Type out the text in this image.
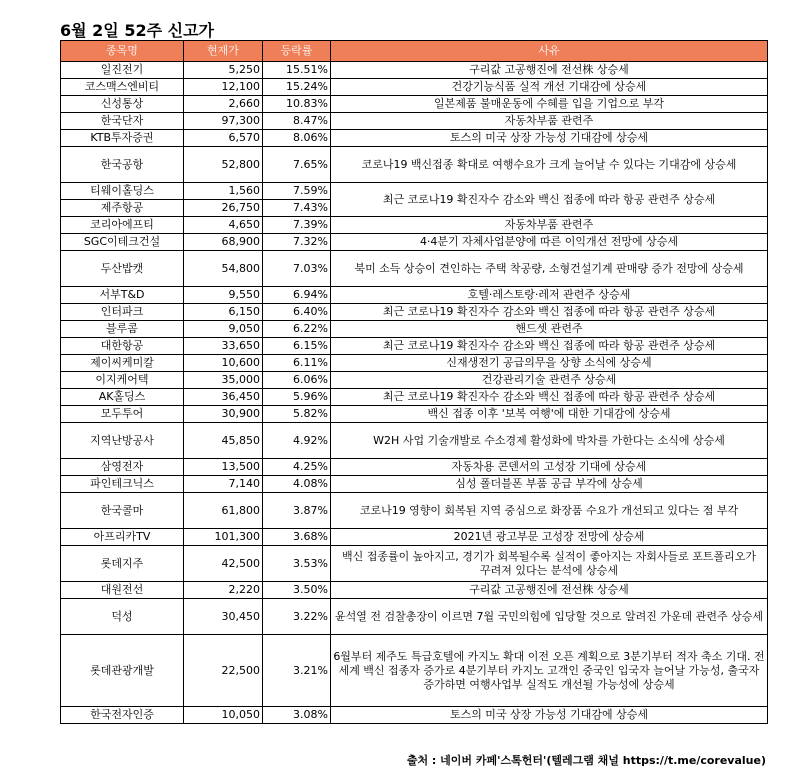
6월 2일 52주 신고가
종목명	현재가	등락률	사유
일진전기	5,250	15.51%	구리값 고공행진에 전선株 상승세
코스맥스엔비티	12,100	15.24%	건강기능식품 실적 개선 기대감에 상승세
신성통상	2,660	10.83%	일본제품 불매운동에 수혜를 입을 기업으로 부각
한국단자	97,300	8.47%	자동차부품 관련주
KTB투자증권	6,570	8.06%	토스의 미국 상장 가능성 기대감에 상승세
한국공항	52,800	7.65%	코로나19 백신접종 확대로 여행수요가 크게 늘어날 수 있다는 기대감에 상승세
티웨이홀딩스	1,560	7.59%	최근 코로나19 확진자수 감소와 백신 접종에 따라 항공 관련주 상승세
제주항공	26,750	7.43%	
코리아에프티	4,650	7.39%	자동차부품 관련주
SGC이테크건설	68,900	7.32%	4·4분기 자체사업분양에 따른 이익개선 전망에 상승세
두산밥캣	54,800	7.03%	북미 소득 상승이 견인하는 주택 착공량, 소형건설기계 판매량 증가 전망에 상승세
서부T&D	9,550	6.94%	호텔·레스토랑·레저 관련주 상승세
인터파크	6,150	6.40%	최근 코로나19 확진자수 감소와 백신 접종에 따라 항공 관련주 상승세
블루콤	9,050	6.22%	핸드셋 관련주
대한항공	33,650	6.15%	최근 코로나19 확진자수 감소와 백신 접종에 따라 항공 관련주 상승세
제이씨케미칼	10,600	6.11%	신재생전기 공급의무을 상향 소식에 상승세
이지케어텍	35,000	6.06%	건강관리기술 관련주 상승세
AK홀딩스	36,450	5.96%	최근 코로나19 확진자수 감소와 백신 접종에 따라 항공 관련주 상승세
모두투어	30,900	5.82%	백신 접종 이후 '보복 여행'에 대한 기대감에 상승세
지역난방공사	45,850	4.92%	W2H 사업 기술개발로 수소경제 활성화에 박차를 가한다는 소식에 상승세
삼영전자	13,500	4.25%	자동차용 콘덴서의 고성장 기대에 상승세
파인테크닉스	7,140	4.08%	심성 폴더블폰 부품 공급 부각에 상승세
한국콜마	61,800	3.87%	코로나19 영향이 회복된 지역 중심으로 화장품 수요가 개선되고 있다는 점 부각
아프리카TV	101,300	3.68%	2021년 광고부문 고성장 전망에 상승세
롯데지주	42,500	3.53%	백신 접종률이 높아지고, 경기가 회복될수록 실적이 좋아지는 자회사들로 포트폴리오가 꾸려져 있다는 분석에 상승세
대원전선	2,220	3.50%	구리값 고공행진에 전선株 상승세
덕성	30,450	3.22%	윤석열 전 검찰총장이 이르면 7월 국민의힘에 입당할 것으로 알려진 가운데 관련주 상승세
롯데관광개발	22,500	3.21%	6월부터 제주도 특급호텔에 카지노 확대 이전 오픈 계획으로 3분기부터 적자 축소 기대. 전 세계 백신 접종자 증가로 4분기부터 카지노 고객인 중국인 입국자 늘어날 가능성, 출국자 증가하면 여행사업부 실적도 개선될 가능성에 상승세
한국전자인증	10,050	3.08%	토스의 미국 상장 가능성 기대감에 상승세
출처 : 네이버 카페'스톡헌터'(텔레그램 채널 https://t.me/corevalue)
